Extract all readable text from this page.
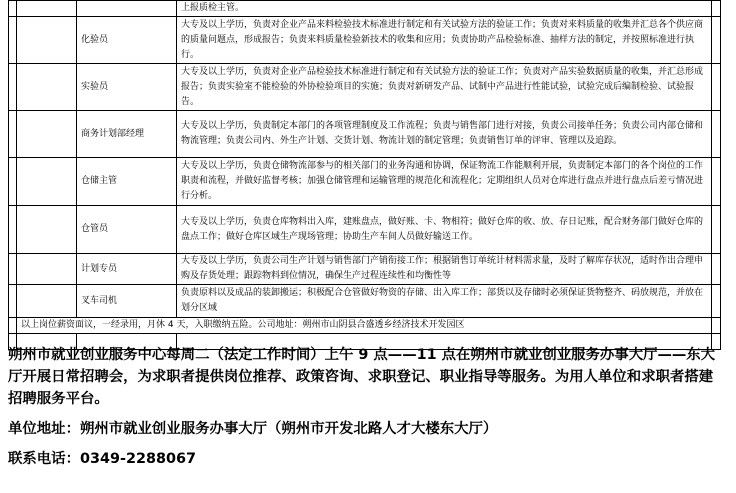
			上报质检主管。	
		化验员	大专及以上学历，负责对企业产品来料检验技术标准进行制定和有关试验方法的验证工作；负责对来料质量的收集并汇总各个供应商的质量问题点，形成报告；负责来料质量检验新技术的收集和应用；负责协助产品检验标准、抽样方法的制定，并按照标准进行执行。	
		实验员	大专及以上学历，负责对企业产品检验技术标准进行制定和有关试验方法的验证工作；负责对产品实验数据质量的收集，并汇总形成报告；负责实验室不能检验的外协检验项目的实施；负责对新研发产品、试制中产品进行性能试验，试验完成后编制检验、试验报告。	
		商务计划部经理	大专及以上学历，负责制定本部门的各项管理制度及工作流程；负责与销售部门进行对接，负责公司接单任务；负责公司内部仓储和物流管理；负责公司内、外生产计划、交货计划、物流计划的制定管理；负责销售订单的评审、管理以及追踪。	
		仓储主管	大专及以上学历，负责仓储物流部参与的相关部门的业务沟通和协调，保证物流工作能顺利开展，负责制定本部门的各个岗位的工作职责和流程，并做好监督考核；加强仓储管理和运输管理的规范化和流程化；定期组织人员对仓库进行盘点并进行盘点后差亏情况进行分析。	
		仓管员	大专及以上学历，负责仓库物料出入库，建账盘点，做好账、卡、物相符；做好仓库的收、放、存日记账，配合财务部门做好仓库的盘点工作；做好仓库区域生产现场管理；协助生产车间人员做好输送工作。	
		计划专员	大专及以上学历，负责公司生产计划与销售部门产销衔接工作；根据销售订单统计材料需求量，及时了解库存状况，适时作出合理申购及存货处理；跟踪物料到位情况，确保生产过程连续性和均衡性等	
		叉车司机	负责原料以及成品的装卸搬运；积极配合仓管做好物资的存储、出入库工作；部货以及存储时必须保证货物整齐、码放规范，并放在划分区域	
	以上岗位薪资面议，一经录用，月休 4 天，入职缴纳五险。公司地址：朔州市山阴县合盛透乡经济技术开发园区			

朔州市就业创业服务中心每周二（法定工作时间）上午 9 点——11 点在朔州市就业创业服务办事大厅——东大厅开展日常招聘会，为求职者提供岗位推荐、政策咨询、求职登记、职业指导等服务。为用人单位和求职者搭建招聘服务平台。

单位地址：朔州市就业创业服务办事大厅（朔州市开发北路人才大楼东大厅）

联系电话：0349-2288067
